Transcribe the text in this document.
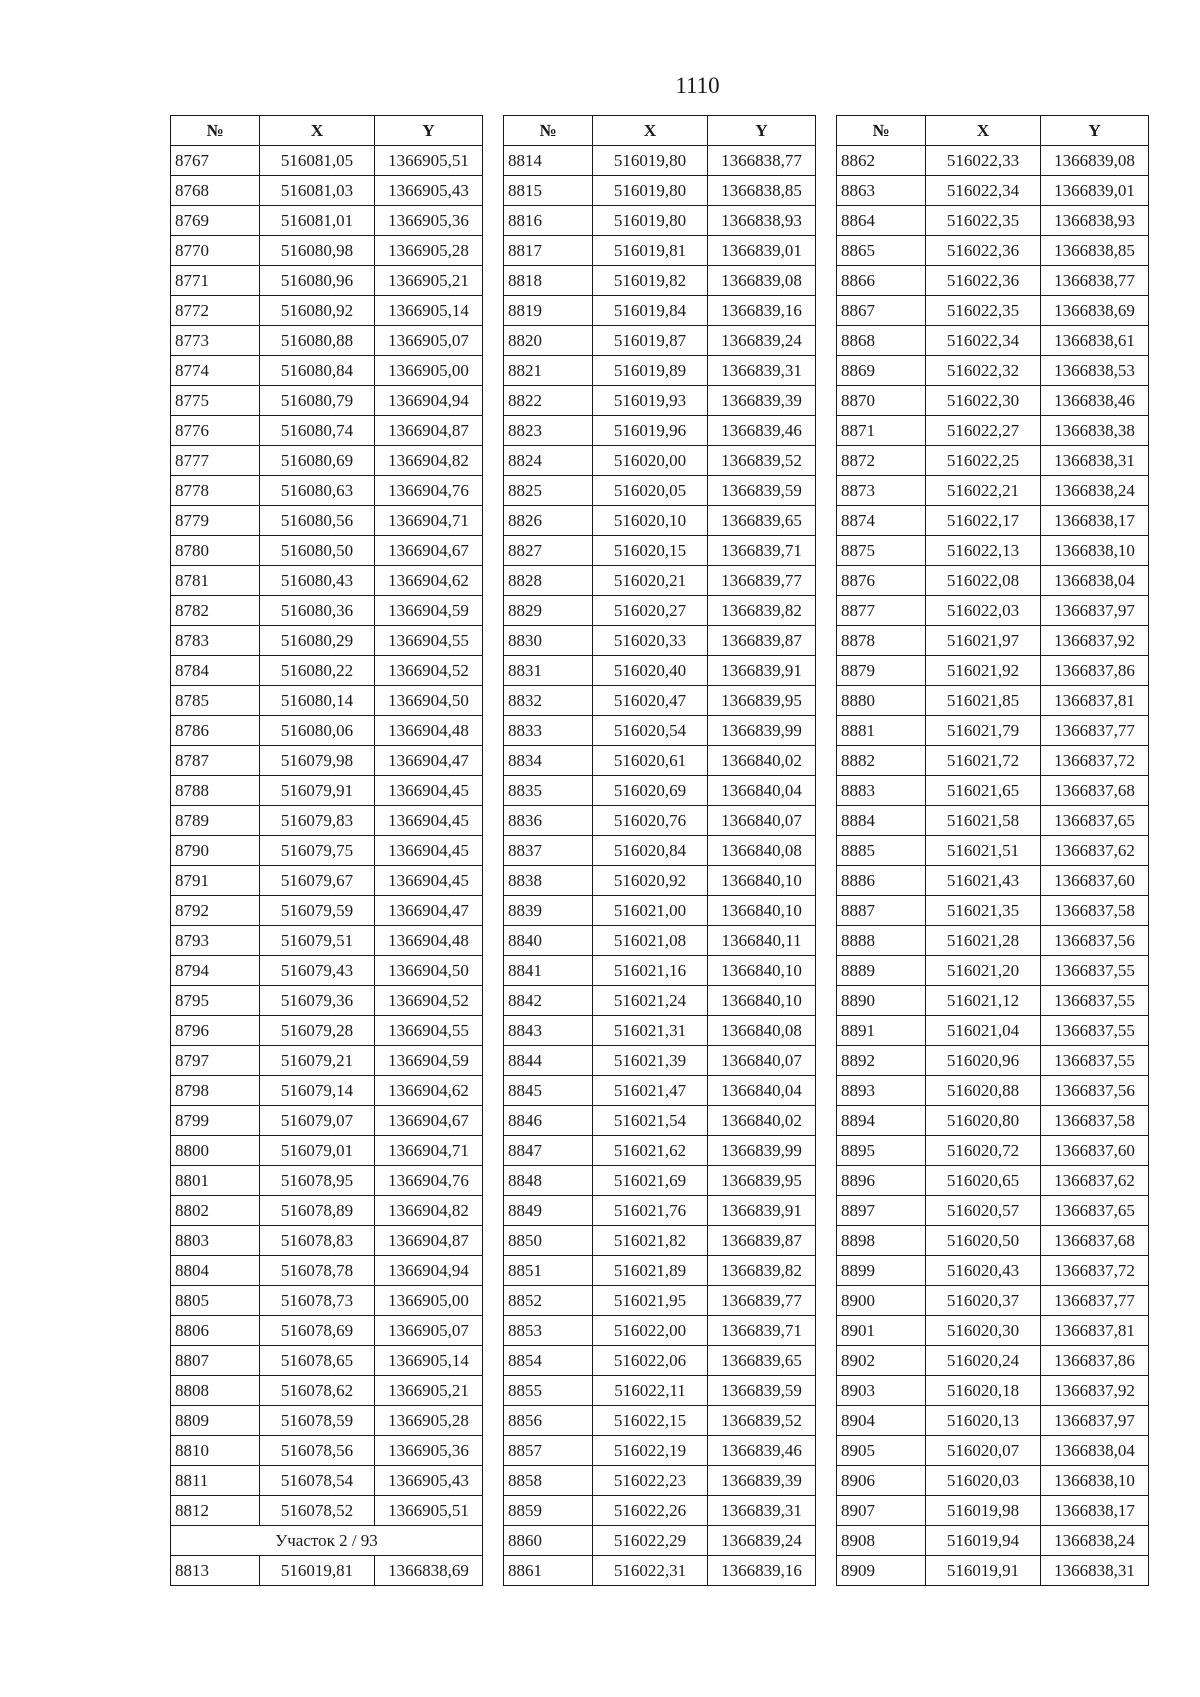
1110
№	X	Y
8767	516081,05	1366905,51
8768	516081,03	1366905,43
8769	516081,01	1366905,36
8770	516080,98	1366905,28
8771	516080,96	1366905,21
8772	516080,92	1366905,14
8773	516080,88	1366905,07
8774	516080,84	1366905,00
8775	516080,79	1366904,94
8776	516080,74	1366904,87
8777	516080,69	1366904,82
8778	516080,63	1366904,76
8779	516080,56	1366904,71
8780	516080,50	1366904,67
8781	516080,43	1366904,62
8782	516080,36	1366904,59
8783	516080,29	1366904,55
8784	516080,22	1366904,52
8785	516080,14	1366904,50
8786	516080,06	1366904,48
8787	516079,98	1366904,47
8788	516079,91	1366904,45
8789	516079,83	1366904,45
8790	516079,75	1366904,45
8791	516079,67	1366904,45
8792	516079,59	1366904,47
8793	516079,51	1366904,48
8794	516079,43	1366904,50
8795	516079,36	1366904,52
8796	516079,28	1366904,55
8797	516079,21	1366904,59
8798	516079,14	1366904,62
8799	516079,07	1366904,67
8800	516079,01	1366904,71
8801	516078,95	1366904,76
8802	516078,89	1366904,82
8803	516078,83	1366904,87
8804	516078,78	1366904,94
8805	516078,73	1366905,00
8806	516078,69	1366905,07
8807	516078,65	1366905,14
8808	516078,62	1366905,21
8809	516078,59	1366905,28
8810	516078,56	1366905,36
8811	516078,54	1366905,43
8812	516078,52	1366905,51
Участок 2 / 93		
8813	516019,81	1366838,69
№	X	Y
8814	516019,80	1366838,77
8815	516019,80	1366838,85
8816	516019,80	1366838,93
8817	516019,81	1366839,01
8818	516019,82	1366839,08
8819	516019,84	1366839,16
8820	516019,87	1366839,24
8821	516019,89	1366839,31
8822	516019,93	1366839,39
8823	516019,96	1366839,46
8824	516020,00	1366839,52
8825	516020,05	1366839,59
8826	516020,10	1366839,65
8827	516020,15	1366839,71
8828	516020,21	1366839,77
8829	516020,27	1366839,82
8830	516020,33	1366839,87
8831	516020,40	1366839,91
8832	516020,47	1366839,95
8833	516020,54	1366839,99
8834	516020,61	1366840,02
8835	516020,69	1366840,04
8836	516020,76	1366840,07
8837	516020,84	1366840,08
8838	516020,92	1366840,10
8839	516021,00	1366840,10
8840	516021,08	1366840,11
8841	516021,16	1366840,10
8842	516021,24	1366840,10
8843	516021,31	1366840,08
8844	516021,39	1366840,07
8845	516021,47	1366840,04
8846	516021,54	1366840,02
8847	516021,62	1366839,99
8848	516021,69	1366839,95
8849	516021,76	1366839,91
8850	516021,82	1366839,87
8851	516021,89	1366839,82
8852	516021,95	1366839,77
8853	516022,00	1366839,71
8854	516022,06	1366839,65
8855	516022,11	1366839,59
8856	516022,15	1366839,52
8857	516022,19	1366839,46
8858	516022,23	1366839,39
8859	516022,26	1366839,31
8860	516022,29	1366839,24
8861	516022,31	1366839,16
№	X	Y
8862	516022,33	1366839,08
8863	516022,34	1366839,01
8864	516022,35	1366838,93
8865	516022,36	1366838,85
8866	516022,36	1366838,77
8867	516022,35	1366838,69
8868	516022,34	1366838,61
8869	516022,32	1366838,53
8870	516022,30	1366838,46
8871	516022,27	1366838,38
8872	516022,25	1366838,31
8873	516022,21	1366838,24
8874	516022,17	1366838,17
8875	516022,13	1366838,10
8876	516022,08	1366838,04
8877	516022,03	1366837,97
8878	516021,97	1366837,92
8879	516021,92	1366837,86
8880	516021,85	1366837,81
8881	516021,79	1366837,77
8882	516021,72	1366837,72
8883	516021,65	1366837,68
8884	516021,58	1366837,65
8885	516021,51	1366837,62
8886	516021,43	1366837,60
8887	516021,35	1366837,58
8888	516021,28	1366837,56
8889	516021,20	1366837,55
8890	516021,12	1366837,55
8891	516021,04	1366837,55
8892	516020,96	1366837,55
8893	516020,88	1366837,56
8894	516020,80	1366837,58
8895	516020,72	1366837,60
8896	516020,65	1366837,62
8897	516020,57	1366837,65
8898	516020,50	1366837,68
8899	516020,43	1366837,72
8900	516020,37	1366837,77
8901	516020,30	1366837,81
8902	516020,24	1366837,86
8903	516020,18	1366837,92
8904	516020,13	1366837,97
8905	516020,07	1366838,04
8906	516020,03	1366838,10
8907	516019,98	1366838,17
8908	516019,94	1366838,24
8909	516019,91	1366838,31
